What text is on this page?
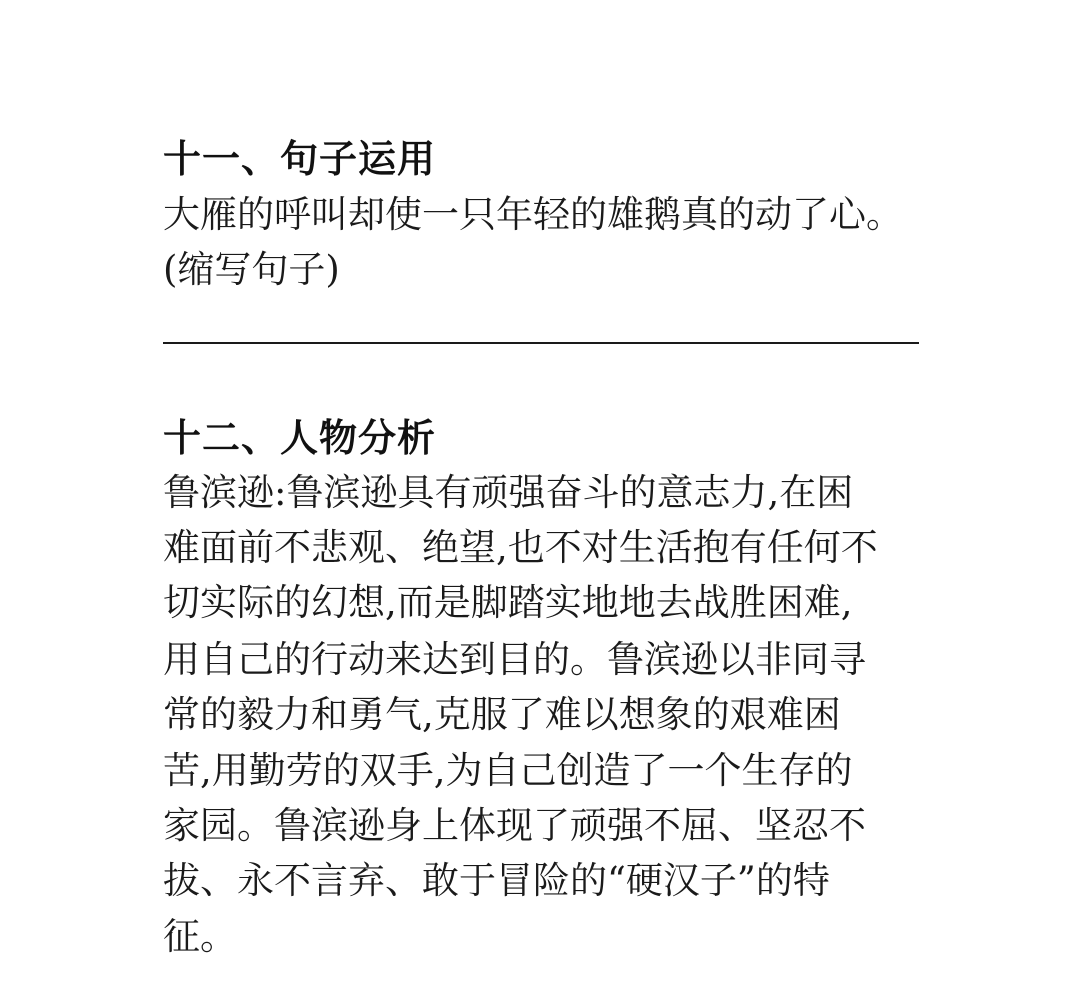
十一、句子运用
大雁的呼叫却使一只年轻的雄鹅真的动了心。
(缩写句子)
十二、人物分析
鲁滨逊:鲁滨逊具有顽强奋斗的意志力,在困
难面前不悲观、绝望,也不对生活抱有任何不
切实际的幻想,而是脚踏实地地去战胜困难,
用自己的行动来达到目的。鲁滨逊以非同寻
常的毅力和勇气,克服了难以想象的艰难困
苦,用勤劳的双手,为自己创造了一个生存的
家园。鲁滨逊身上体现了顽强不屈、坚忍不
拔、永不言弃、敢于冒险的“硬汉子”的特
征。
